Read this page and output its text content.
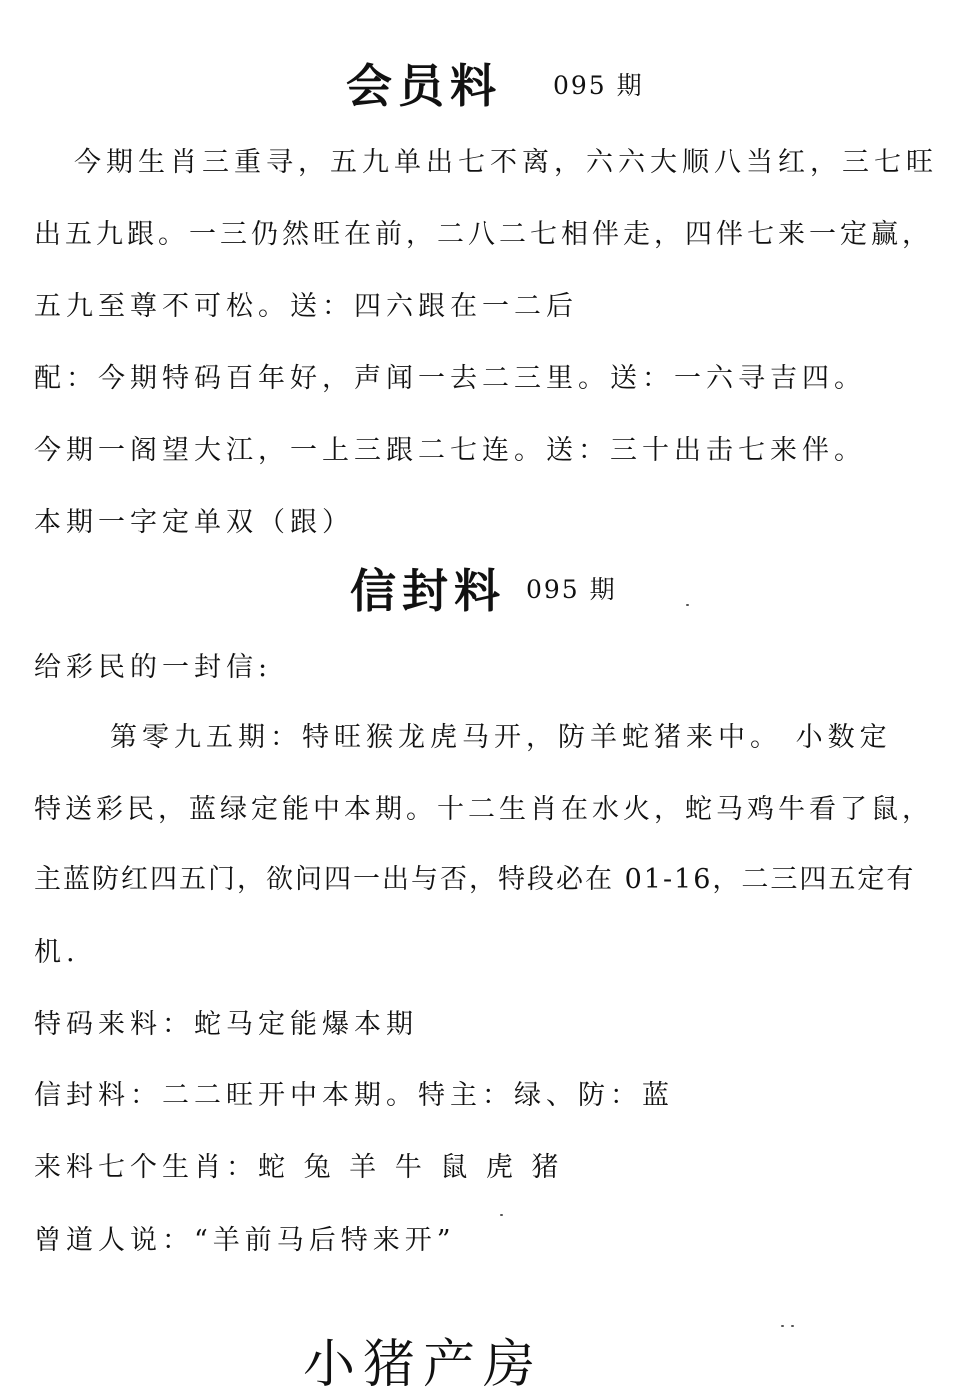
会员料 095 期
今期生肖三重寻，五九单出七不离，六六大顺八当红，三七旺
出五九跟。一三仍然旺在前，二八二七相伴走，四伴七来一定赢，
五九至尊不可松。送：四六跟在一二后
配：今期特码百年好，声闻一去二三里。送：一六寻吉四。
今期一阁望大江，一上三跟二七连。送：三十出击七来伴。
本期一字定单双（跟）
信封料 095 期
给彩民的一封信:
第零九五期：特旺猴龙虎马开，防羊蛇猪来中。 小数定
特送彩民，蓝绿定能中本期。十二生肖在水火，蛇马鸡牛看了鼠，
主蓝防红四五门，欲问四一出与否，特段必在 01-16，二三四五定有
机.
特码来料：蛇马定能爆本期
信封料：二二旺开中本期。特主：绿、防：蓝
来料七个生肖：蛇 兔 羊 牛 鼠 虎 猪
曾道人说：“羊前马后特来开”
小猪产房
